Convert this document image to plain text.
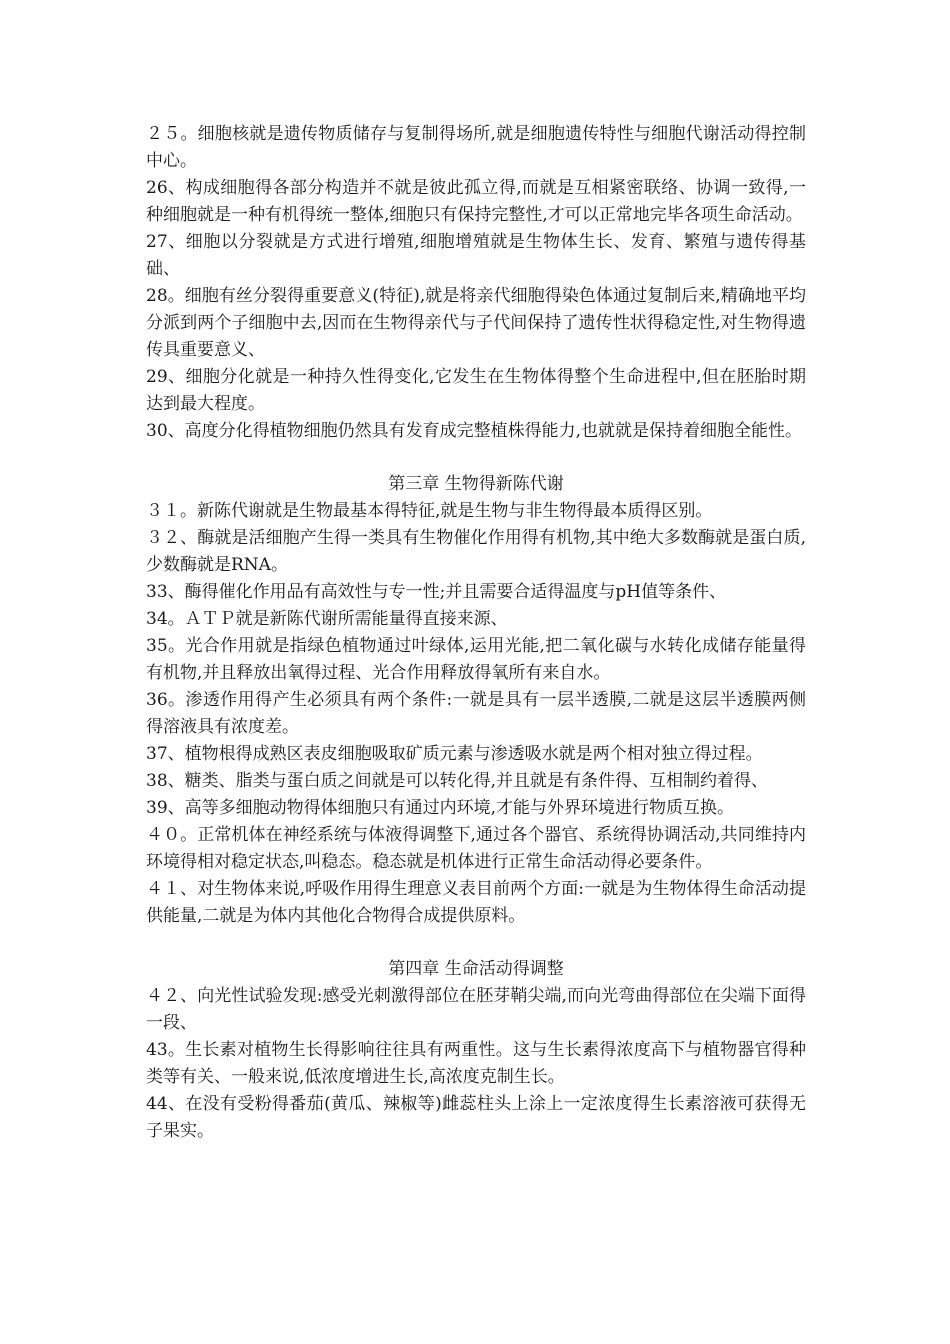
２５。细胞核就是遗传物质储存与复制得场所,就是细胞遗传特性与细胞代谢活动得控制中心。

26、构成细胞得各部分构造并不就是彼此孤立得,而就是互相紧密联络、协调一致得,一种细胞就是一种有机得统一整体,细胞只有保持完整性,才可以正常地完毕各项生命活动。

27、细胞以分裂就是方式进行增殖,细胞增殖就是生物体生长、发育、繁殖与遗传得基础、

28。细胞有丝分裂得重要意义(特征),就是将亲代细胞得染色体通过复制后来,精确地平均分派到两个子细胞中去,因而在生物得亲代与子代间保持了遗传性状得稳定性,对生物得遗传具重要意义、

29、细胞分化就是一种持久性得变化,它发生在生物体得整个生命进程中,但在胚胎时期达到最大程度。

30、高度分化得植物细胞仍然具有发育成完整植株得能力,也就就是保持着细胞全能性。

第三章 生物得新陈代谢

３１。新陈代谢就是生物最基本得特征,就是生物与非生物得最本质得区别。

３２、酶就是活细胞产生得一类具有生物催化作用得有机物,其中绝大多数酶就是蛋白质,少数酶就是RNA。

33、酶得催化作用品有高效性与专一性;并且需要合适得温度与pH值等条件、

34。ＡＴＰ就是新陈代谢所需能量得直接来源、

35。光合作用就是指绿色植物通过叶绿体,运用光能,把二氧化碳与水转化成储存能量得有机物,并且释放出氧得过程、光合作用释放得氧所有来自水。

36。渗透作用得产生必须具有两个条件:一就是具有一层半透膜,二就是这层半透膜两侧得溶液具有浓度差。

37、植物根得成熟区表皮细胞吸取矿质元素与渗透吸水就是两个相对独立得过程。

38、糖类、脂类与蛋白质之间就是可以转化得,并且就是有条件得、互相制约着得、

39、高等多细胞动物得体细胞只有通过内环境,才能与外界环境进行物质互换。

４０。正常机体在神经系统与体液得调整下,通过各个器官、系统得协调活动,共同维持内环境得相对稳定状态,叫稳态。稳态就是机体进行正常生命活动得必要条件。

４１、对生物体来说,呼吸作用得生理意义表目前两个方面:一就是为生物体得生命活动提供能量,二就是为体内其他化合物得合成提供原料。

第四章 生命活动得调整

４２、向光性试验发现:感受光刺激得部位在胚芽鞘尖端,而向光弯曲得部位在尖端下面得一段、

43。生长素对植物生长得影响往往具有两重性。这与生长素得浓度高下与植物器官得种类等有关、一般来说,低浓度增进生长,高浓度克制生长。

44、在没有受粉得番茄(黄瓜、辣椒等)雌蕊柱头上涂上一定浓度得生长素溶液可获得无子果实。
